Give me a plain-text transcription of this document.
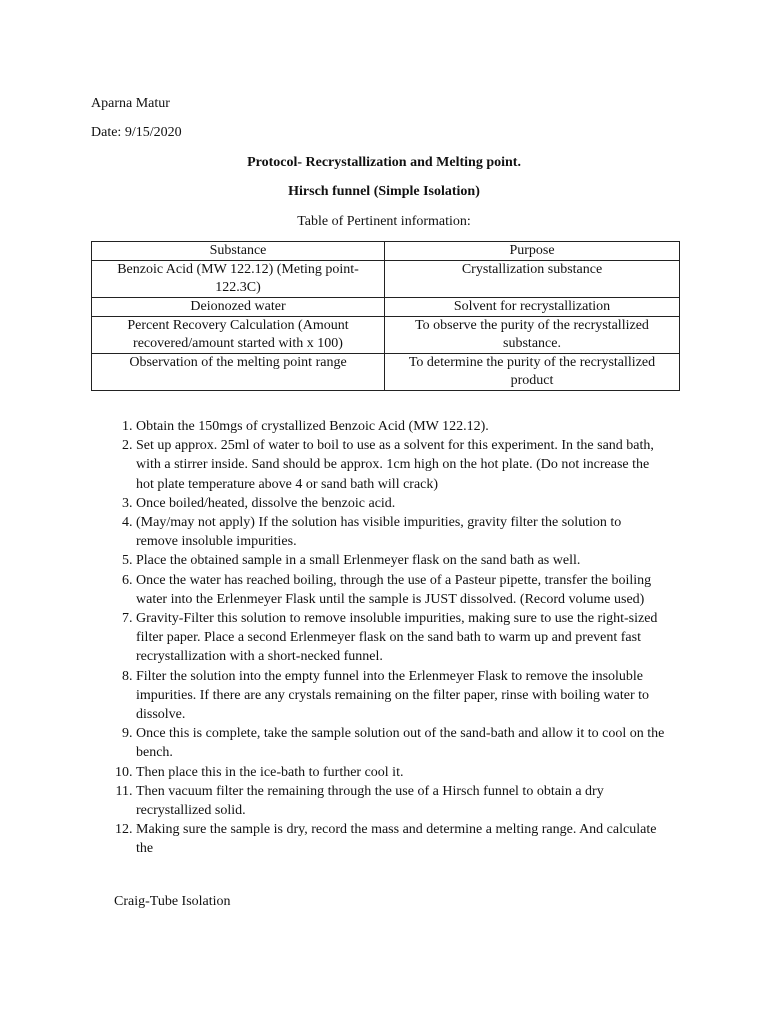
Aparna Matur
Date: 9/15/2020
Protocol- Recrystallization and Melting point.
Hirsch funnel (Simple Isolation)
Table of Pertinent information:
Substance	Purpose
Benzoic Acid (MW 122.12) (Meting point-122.3C)	Crystallization substance
Deionozed water	Solvent for recrystallization
Percent Recovery Calculation (Amount recovered/amount started with x 100)	To observe the purity of the recrystallized substance.
Observation of the melting point range	To determine the purity of the recrystallized product
1. Obtain the 150mgs of crystallized Benzoic Acid (MW 122.12).
2. Set up approx. 25ml of water to boil to use as a solvent for this experiment. In the sand bath, with a stirrer inside. Sand should be approx. 1cm high on the hot plate. (Do not increase the hot plate temperature above 4 or sand bath will crack)
3. Once boiled/heated, dissolve the benzoic acid.
4. (May/may not apply) If the solution has visible impurities, gravity filter the solution to remove insoluble impurities.
5. Place the obtained sample in a small Erlenmeyer flask on the sand bath as well.
6. Once the water has reached boiling, through the use of a Pasteur pipette, transfer the boiling water into the Erlenmeyer Flask until the sample is JUST dissolved. (Record volume used)
7. Gravity-Filter this solution to remove insoluble impurities, making sure to use the right-sized filter paper. Place a second Erlenmeyer flask on the sand bath to warm up and prevent fast recrystallization with a short-necked funnel.
8. Filter the solution into the empty funnel into the Erlenmeyer Flask to remove the insoluble impurities. If there are any crystals remaining on the filter paper, rinse with boiling water to dissolve.
9. Once this is complete, take the sample solution out of the sand-bath and allow it to cool on the bench.
10. Then place this in the ice-bath to further cool it.
11. Then vacuum filter the remaining through the use of a Hirsch funnel to obtain a dry recrystallized solid.
12. Making sure the sample is dry, record the mass and determine a melting range. And calculate the
Craig-Tube Isolation
